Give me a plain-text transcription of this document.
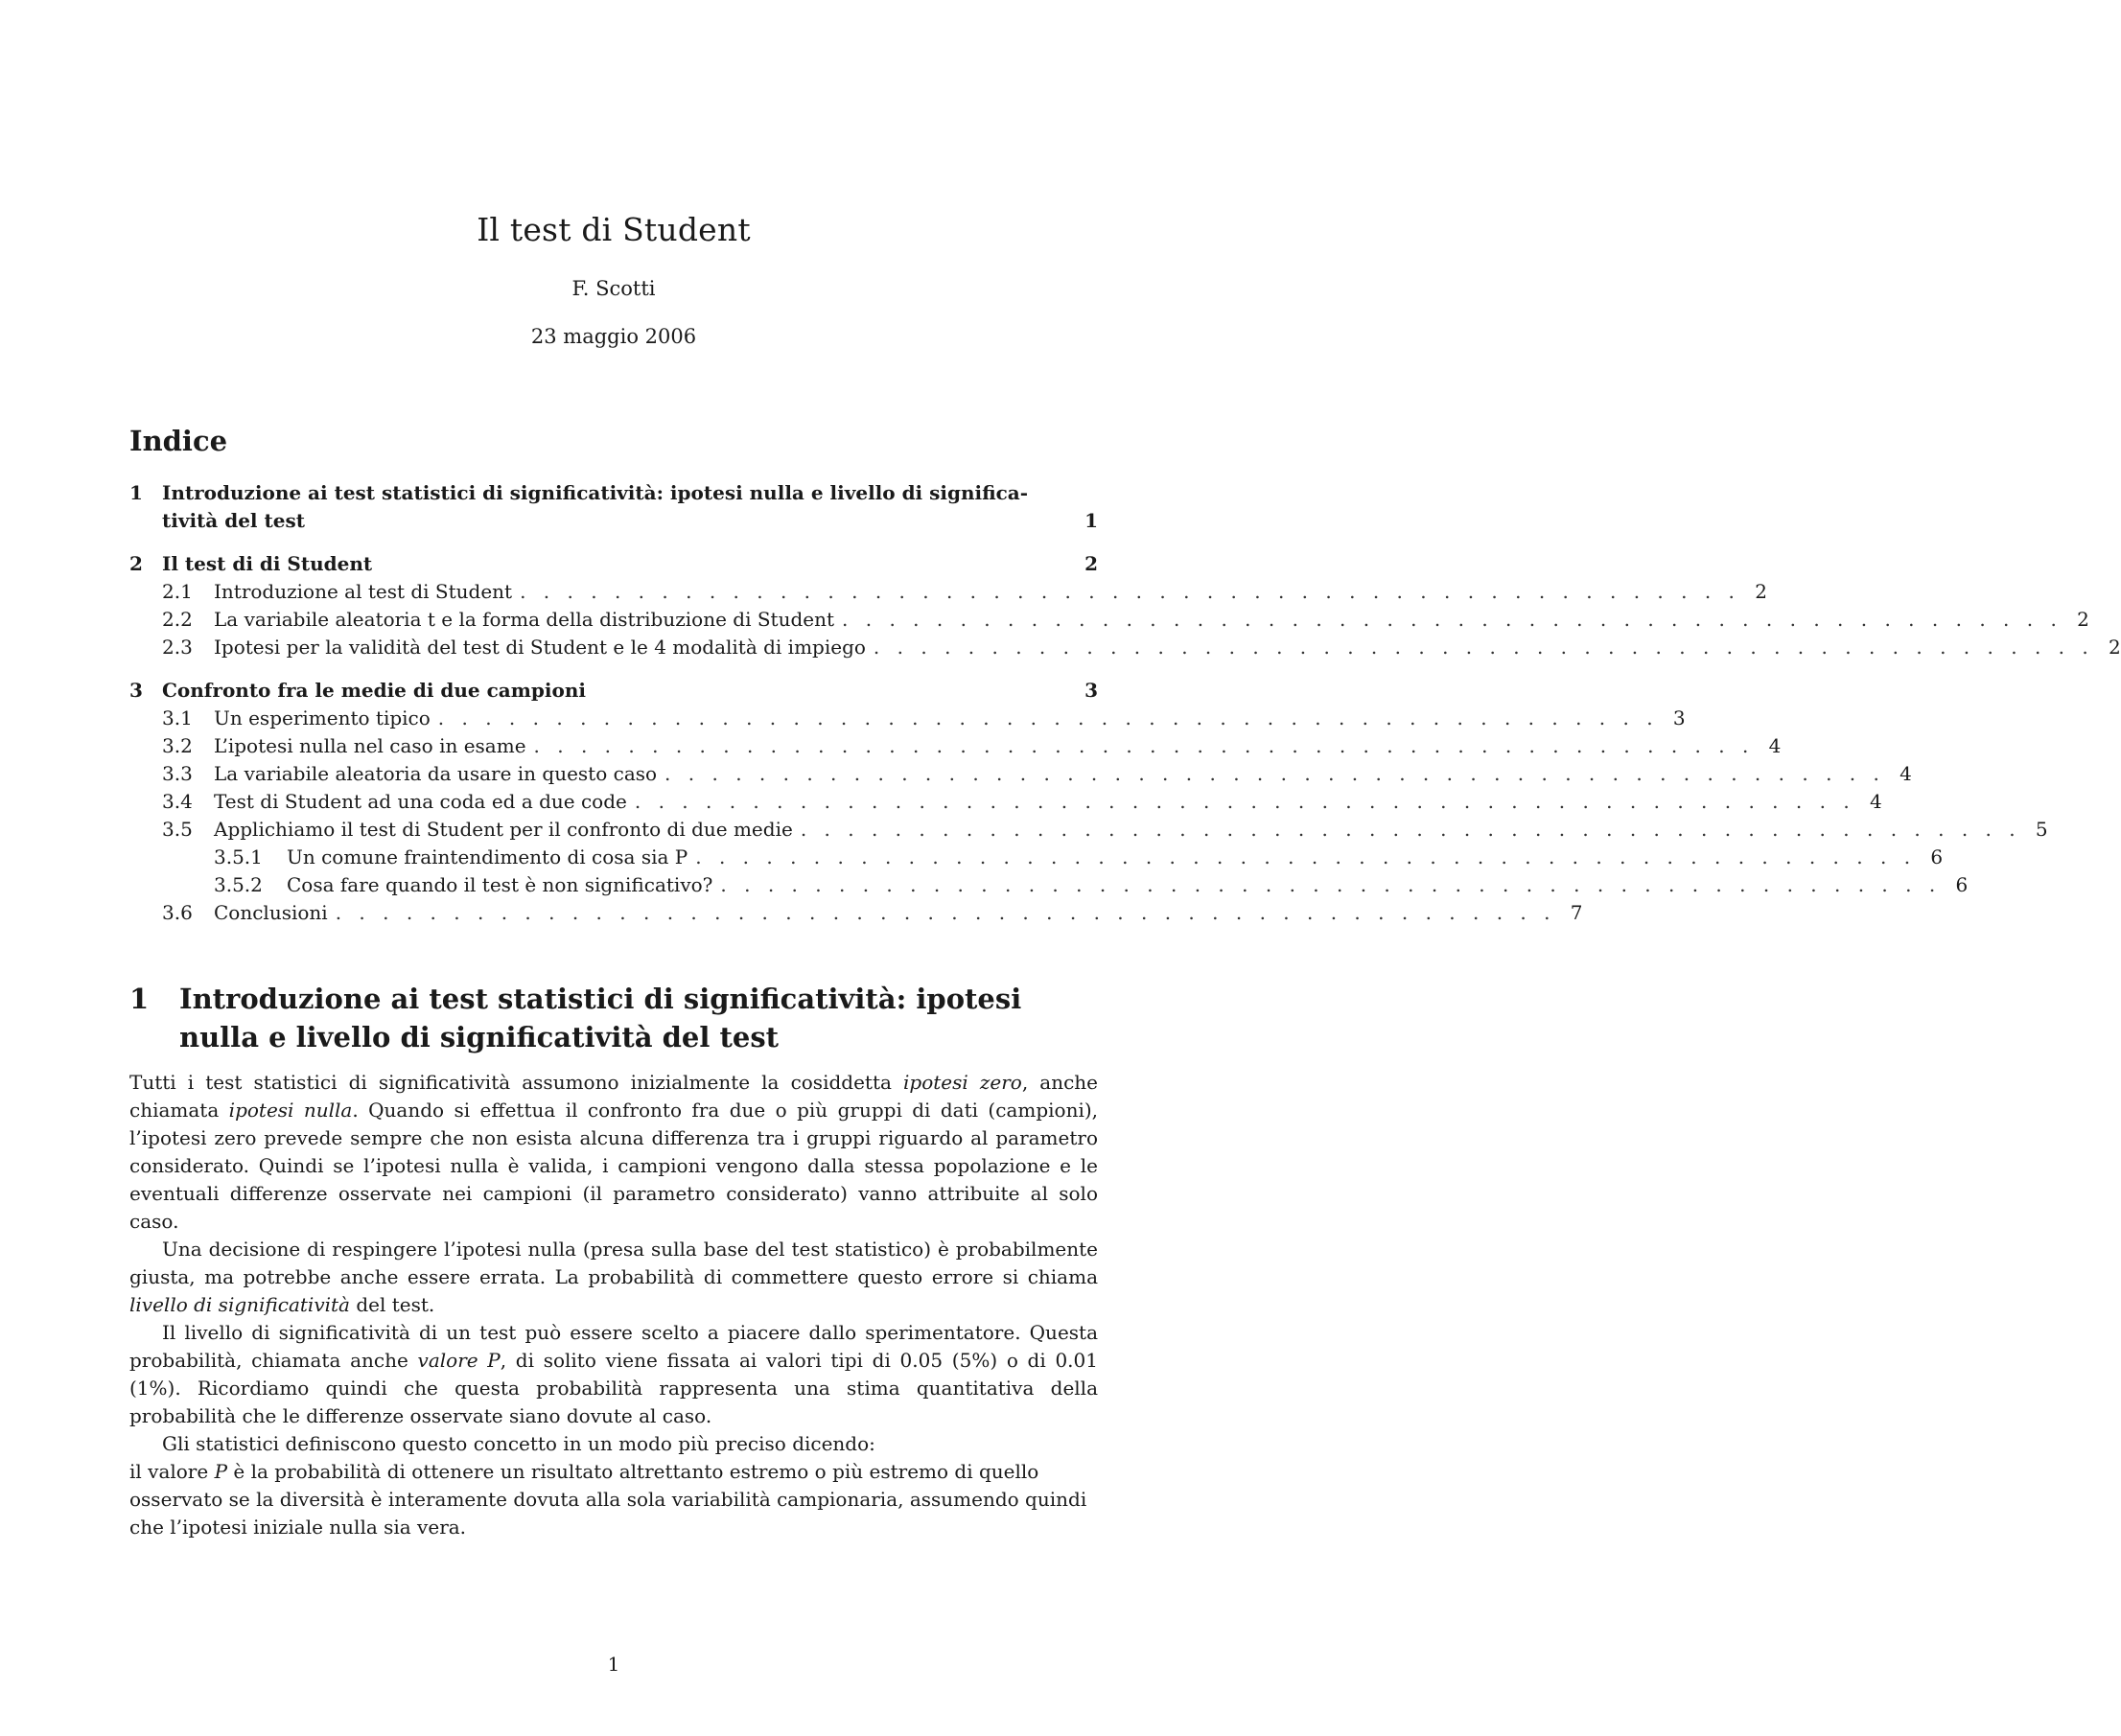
Il test di Student
F. Scotti
23 maggio 2006
Indice
1	Introduzione ai test statistici di significatività: ipotesi nulla e livello di significa-
tività del test	1
2	Il test di di Student	2
2.1	Introduzione al test di Student . . . . . . . . . . . . . . . . . . . . . . . . . . . . . . . . . . . . . . . . . . . . . . . . . . . . 2
2.2	La variabile aleatoria t e la forma della distribuzione di Student . . . . . . . . . . . . . . . . . . . . . . . . . . . . . . . . . . . . . . . . . . . . . . . . . . . . 2
2.3	Ipotesi per la validità del test di Student e le 4 modalità di impiego . . . . . . . . . . . . . . . . . . . . . . . . . . . . . . . . . . . . . . . . . . . . . . . . . . . . 2
3	Confronto fra le medie di due campioni	3
3.1	Un esperimento tipico . . . . . . . . . . . . . . . . . . . . . . . . . . . . . . . . . . . . . . . . . . . . . . . . . . . . 3
3.2	L’ipotesi nulla nel caso in esame . . . . . . . . . . . . . . . . . . . . . . . . . . . . . . . . . . . . . . . . . . . . . . . . . . . . 4
3.3	La variabile aleatoria da usare in questo caso . . . . . . . . . . . . . . . . . . . . . . . . . . . . . . . . . . . . . . . . . . . . . . . . . . . . 4
3.4	Test di Student ad una coda ed a due code . . . . . . . . . . . . . . . . . . . . . . . . . . . . . . . . . . . . . . . . . . . . . . . . . . . . 4
3.5	Applichiamo il test di Student per il confronto di due medie . . . . . . . . . . . . . . . . . . . . . . . . . . . . . . . . . . . . . . . . . . . . . . . . . . . . 5
3.5.1	Un comune fraintendimento di cosa sia P . . . . . . . . . . . . . . . . . . . . . . . . . . . . . . . . . . . . . . . . . . . . . . . . . . . . 6
3.5.2	Cosa fare quando il test è non significativo? . . . . . . . . . . . . . . . . . . . . . . . . . . . . . . . . . . . . . . . . . . . . . . . . . . . . 6
3.6	Conclusioni . . . . . . . . . . . . . . . . . . . . . . . . . . . . . . . . . . . . . . . . . . . . . . . . . . . . 7
1	Introduzione ai test statistici di significatività: ipotesi nulla e livello di significatività del test

Tutti i test statistici di significatività assumono inizialmente la cosiddetta ipotesi zero, anche chiamata ipotesi nulla. Quando si effettua il confronto fra due o più gruppi di dati (campioni), l’ipotesi zero prevede sempre che non esista alcuna differenza tra i gruppi riguardo al parametro considerato. Quindi se l’ipotesi nulla è valida, i campioni vengono dalla stessa popolazione e le eventuali differenze osservate nei campioni (il parametro considerato) vanno attribuite al solo caso.

Una decisione di respingere l’ipotesi nulla (presa sulla base del test statistico) è probabilmente giusta, ma potrebbe anche essere errata. La probabilità di commettere questo errore si chiama livello di significatività del test.

Il livello di significatività di un test può essere scelto a piacere dallo sperimentatore. Questa probabilità, chiamata anche valore P, di solito viene fissata ai valori tipi di 0.05 (5%) o di 0.01 (1%). Ricordiamo quindi che questa probabilità rappresenta una stima quantitativa della probabilità che le differenze osservate siano dovute al caso.

Gli statistici definiscono questo concetto in un modo più preciso dicendo:

il valore P è la probabilità di ottenere un risultato altrettanto estremo o più estremo di quello osservato se la diversità è interamente dovuta alla sola variabilità campionaria, assumendo quindi che l’ipotesi iniziale nulla sia vera.

1
